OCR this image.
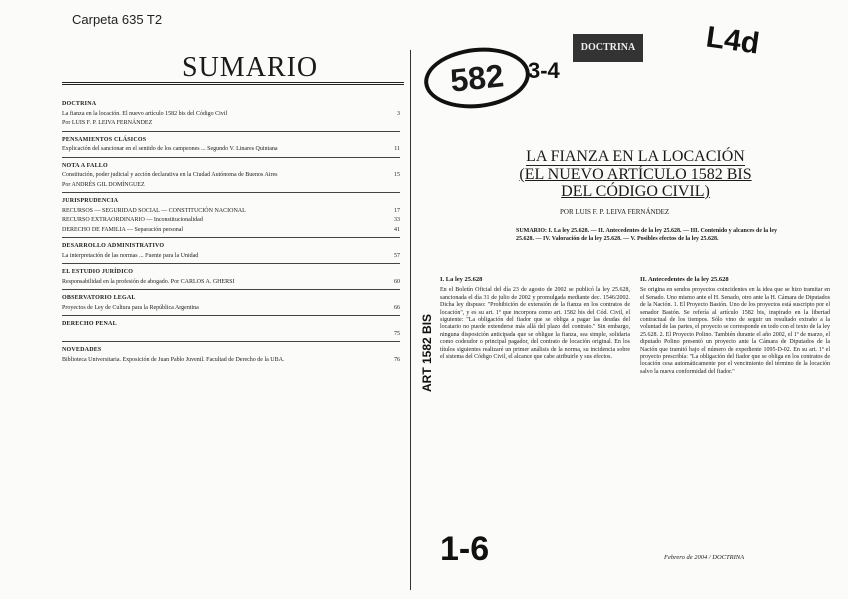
Carpeta 635 T2
SUMARIO
DOCTRINA
La fianza en la locación. El nuevo artículo 1582 bis del Código Civil	3
Por LUIS F. P. LEIVA FERNÁNDEZ
PENSAMIENTOS CLÁSICOS
Explicación del sancionar en el sentido de los campeones ... Segundo V. Linares Quintana	11
NOTA A FALLO
Constitución, poder judicial y acción declarativa en la Ciudad Autónoma de Buenos Aires	15
Por ANDRÉS GIL DOMÍNGUEZ
JURISPRUDENCIA
RECURSOS — SEGURIDAD SOCIAL — CONSTITUCIÓN NACIONAL	17
RECURSO EXTRAORDINARIO — Inconstitucionalidad	33
DERECHO DE FAMILIA — Separación personal	41
DESARROLLO ADMINISTRATIVO
La interpretación de las normas ... Fuente para la Unidad	57
EL ESTUDIO JURÍDICO
Responsabilidad en la profesión de abogado. Por CARLOS A. GHERSI	60
OBSERVATORIO LEGAL
Proyectos de Ley de Cultura para la República Argentina	66
DERECHO PENAL
75
NOVEDADES
Biblioteca Universitaria. Exposición de Juan Pablo Juvenil. Facultad de Derecho de la UBA.	76
582	3-4
DOCTRINA L4d
1-6
ART 1582 BIS
LA FIANZA EN LA LOCACIÓN
(EL NUEVO ARTÍCULO 1582 BIS
DEL CÓDIGO CIVIL)
POR LUIS F. P. LEIVA FERNÁNDEZ
SUMARIO: I. La ley 25.628. — II. Antecedentes de la ley 25.628. — III. Contenido y alcances de la ley 25.628. — IV. Valoración de la ley 25.628. — V. Posibles efectos de la ley 25.628.
I. La ley 25.628
En el Boletín Oficial del día 23 de agosto de 2002 se publicó la ley 25.628, sancionada el día 31 de julio de 2002 y promulgada mediante dec. 1546/2002. Dicha ley dispuso: "Prohibición de extensión de la fianza en los contratos de locación", y es su art. 1º que incorpora como art. 1582 bis del Cód. Civil, el siguiente: "La obligación del fiador que se obliga a pagar las deudas del locatario no puede extenderse más allá del plazo del contrato." Sin embargo, ninguna disposición anticipada que se obligue la fianza, sea simple, solidaria como codeudor o principal pagador, del contrato de locación original. En los títulos siguientes realizaré un primer análisis de la norma, su incidencia sobre el sistema del Código Civil, el alcance que cabe atribuirle y sus efectos.
II. Antecedentes de la ley 25.628
Se origina en sendos proyectos coincidentes en la idea que se hizo tramitar en el Senado. Uno mismo ante el H. Senado, otro ante la H. Cámara de Diputados de la Nación. 1. El Proyecto Bastón. Uno de los proyectos está suscripto por el senador Bastón. Se refería al artículo 1582 bis, inspirado en la libertad contractual de los tiempos. Sólo vino de seguir un resultado extraño a la voluntad de las partes, el proyecto se corresponde en todo con el texto de la ley 25.628. 2. El Proyecto Polino. También durante el año 2002, el 1º de marzo, el diputado Polino presentó un proyecto ante la Cámara de Diputados de la Nación que tramitó bajo el número de expediente 1095-D-02. En su art. 1º el proyecto prescribía: "La obligación del fiador que se obliga en los contratos de locación cesa automáticamente por el vencimiento del término de la locación salvo la nueva conformidad del fiador."
Febrero de 2004 / DOCTRINA
